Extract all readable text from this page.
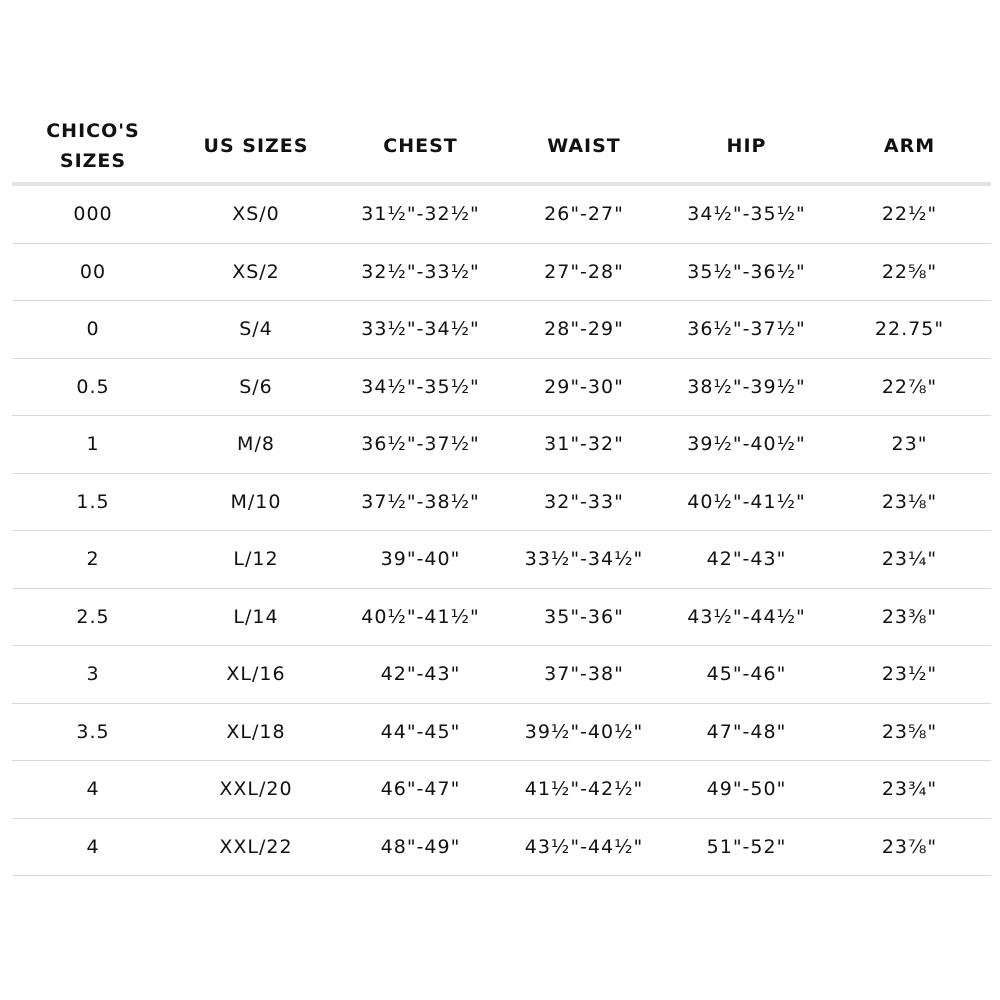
CHICO'S
SIZES	US SIZES	CHEST	WAIST	HIP	ARM
000	XS/0	31½"-32½"	26"-27"	34½"-35½"	22½"
00	XS/2	32½"-33½"	27"-28"	35½"-36½"	22⅝"
0	S/4	33½"-34½"	28"-29"	36½"-37½"	22.75"
0.5	S/6	34½"-35½"	29"-30"	38½"-39½"	22⅞"
1	M/8	36½"-37½"	31"-32"	39½"-40½"	23"
1.5	M/10	37½"-38½"	32"-33"	40½"-41½"	23⅛"
2	L/12	39"-40"	33½"-34½"	42"-43"	23¼"
2.5	L/14	40½"-41½"	35"-36"	43½"-44½"	23⅜"
3	XL/16	42"-43"	37"-38"	45"-46"	23½"
3.5	XL/18	44"-45"	39½"-40½"	47"-48"	23⅝"
4	XXL/20	46"-47"	41½"-42½"	49"-50"	23¾"
4	XXL/22	48"-49"	43½"-44½"	51"-52"	23⅞"
